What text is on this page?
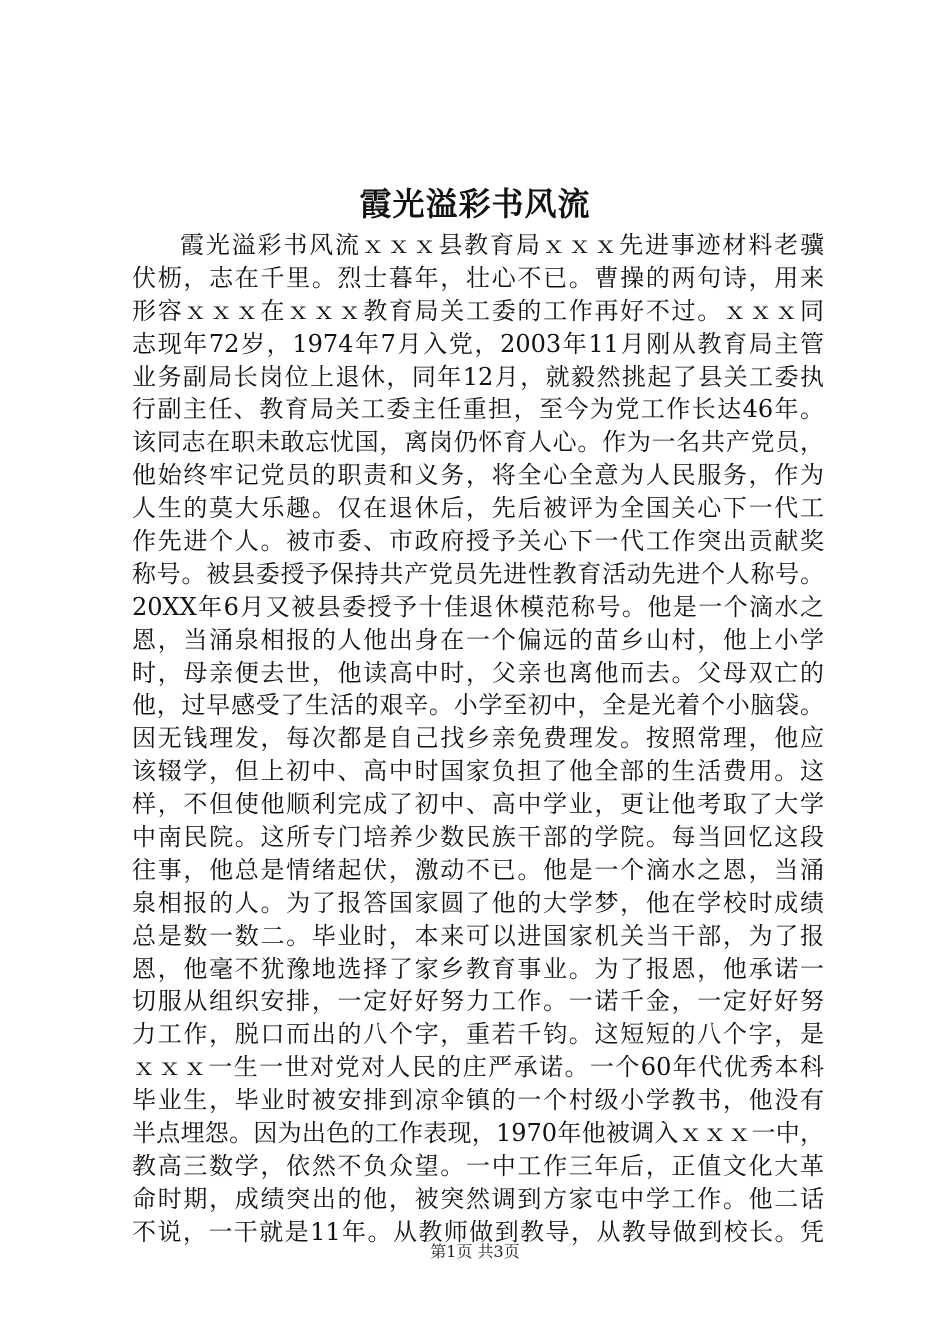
霞光溢彩书风流
霞光溢彩书风流ｘｘｘ县教育局ｘｘｘ先进事迹材料老骥
伏枥，志在千里。烈士暮年，壮心不已。曹操的两句诗，用来
形容ｘｘｘ在ｘｘｘ教育局关工委的工作再好不过。ｘｘｘ同
志现年72岁，1974年7月入党，2003年11月刚从教育局主管
业务副局长岗位上退休，同年12月，就毅然挑起了县关工委执
行副主任、教育局关工委主任重担，至今为党工作长达46年。
该同志在职未敢忘忧国，离岗仍怀育人心。作为一名共产党员，
他始终牢记党员的职责和义务，将全心全意为人民服务，作为
人生的莫大乐趣。仅在退休后，先后被评为全国关心下一代工
作先进个人。被市委、市政府授予关心下一代工作突出贡献奖
称号。被县委授予保持共产党员先进性教育活动先进个人称号。
20XX年6月又被县委授予十佳退休模范称号。他是一个滴水之
恩，当涌泉相报的人他出身在一个偏远的苗乡山村，他上小学
时，母亲便去世，他读高中时，父亲也离他而去。父母双亡的
他，过早感受了生活的艰辛。小学至初中，全是光着个小脑袋。
因无钱理发，每次都是自己找乡亲免费理发。按照常理，他应
该辍学，但上初中、高中时国家负担了他全部的生活费用。这
样，不但使他顺利完成了初中、高中学业，更让他考取了大学
中南民院。这所专门培养少数民族干部的学院。每当回忆这段
往事，他总是情绪起伏，激动不已。他是一个滴水之恩，当涌
泉相报的人。为了报答国家圆了他的大学梦，他在学校时成绩
总是数一数二。毕业时，本来可以进国家机关当干部，为了报
恩，他毫不犹豫地选择了家乡教育事业。为了报恩，他承诺一
切服从组织安排，一定好好努力工作。一诺千金，一定好好努
力工作，脱口而出的八个字，重若千钧。这短短的八个字，是
ｘｘｘ一生一世对党对人民的庄严承诺。一个60年代优秀本科
毕业生，毕业时被安排到凉伞镇的一个村级小学教书，他没有
半点埋怨。因为出色的工作表现，1970年他被调入ｘｘｘ一中，
教高三数学，依然不负众望。一中工作三年后，正值文化大革
命时期，成绩突出的他，被突然调到方家屯中学工作。他二话
不说，一干就是11年。从教师做到教导，从教导做到校长。凭
第1页 共3页
